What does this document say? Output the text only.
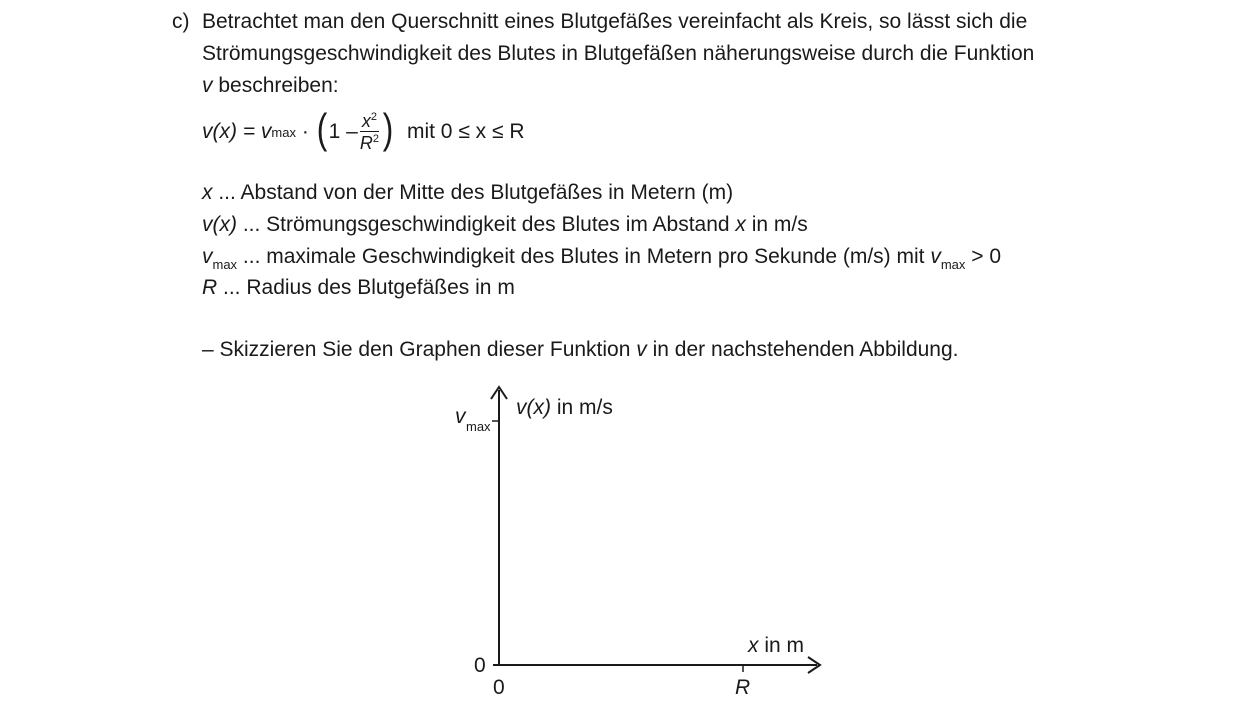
c) Betrachtet man den Querschnitt eines Blutgefäßes vereinfacht als Kreis, so lässt sich die
Strömungsgeschwindigkeit des Blutes in Blutgefäßen näherungsweise durch die Funktion
v beschreiben:
v(x) = v max · ( $1 - \frac{x^2}{R^2}$ ) mit 0 ≤ x ≤ R
x ... Abstand von der Mitte des Blutgefäßes in Metern (m)
v(x) ... Strömungsgeschwindigkeit des Blutes im Abstand x in m/s
$v_{max}$ ... maximale Geschwindigkeit des Blutes in Metern pro Sekunde (m/s) mit $v_{max} > 0$
R ... Radius des Blutgefäßes in m
– Skizzieren Sie den Graphen dieser Funktion v in der nachstehenden Abbildung.
v max
v(x) in m/s
x in m
0
0	R
